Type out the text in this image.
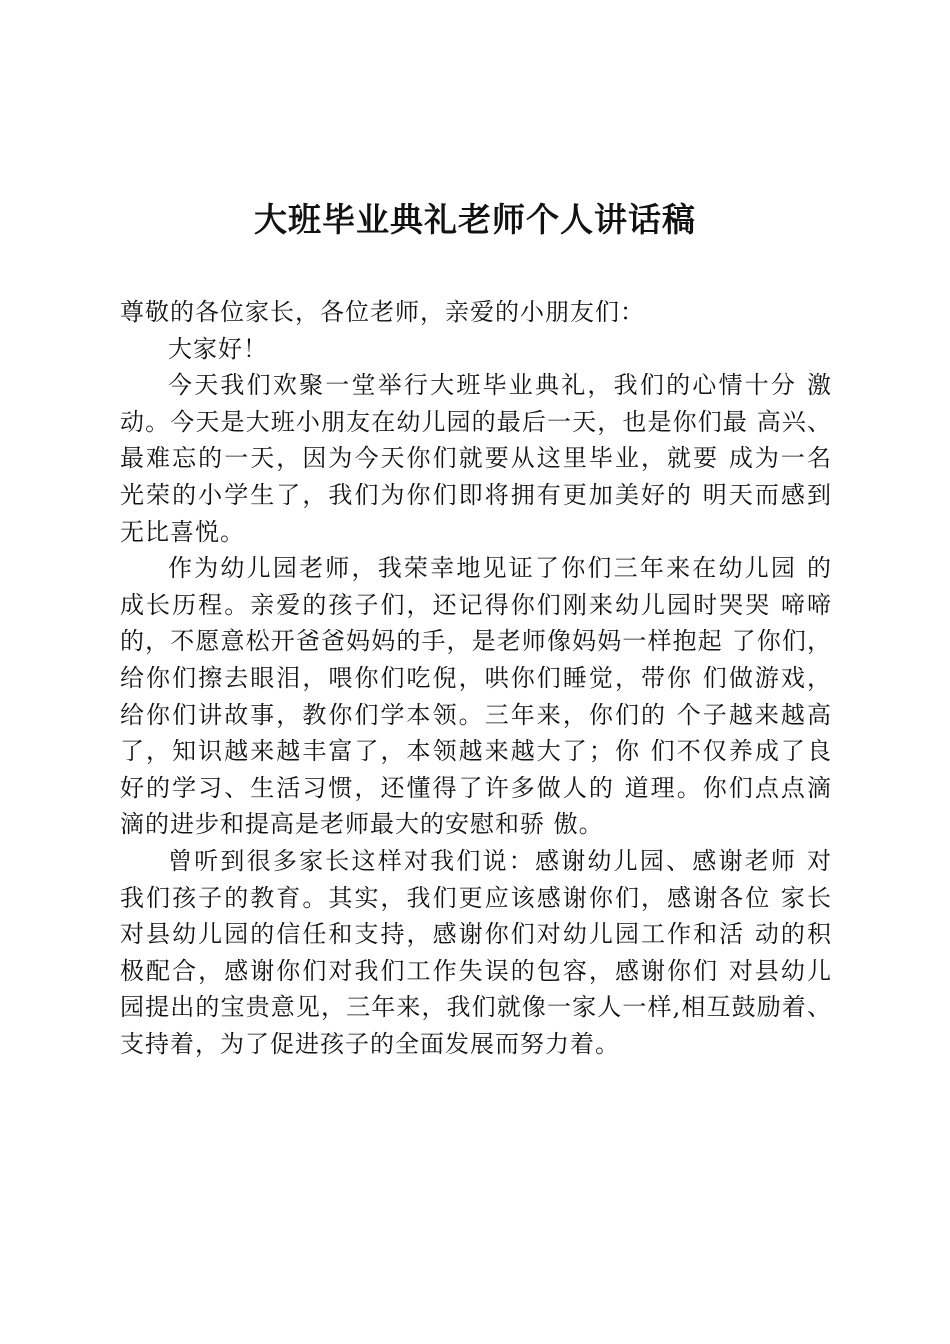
大班毕业典礼老师个人讲话稿
尊敬的各位家长，各位老师，亲爱的小朋友们：
大家好！
今天我们欢聚一堂举行大班毕业典礼，我们的心情十分 激
动。今天是大班小朋友在幼儿园的最后一天，也是你们最 高兴、
最难忘的一天，因为今天你们就要从这里毕业，就要 成为一名
光荣的小学生了，我们为你们即将拥有更加美好的 明天而感到
无比喜悦。
作为幼儿园老师，我荣幸地见证了你们三年来在幼儿园 的
成长历程。亲爱的孩子们，还记得你们刚来幼儿园时哭哭 啼啼
的，不愿意松开爸爸妈妈的手，是老师像妈妈一样抱起 了你们，
给你们擦去眼泪，喂你们吃倪，哄你们睡觉，带你 们做游戏，
给你们讲故事，教你们学本领。三年来，你们的 个子越来越高
了，知识越来越丰富了，本领越来越大了；你 们不仅养成了良
好的学习、生活习惯，还懂得了许多做人的 道理。你们点点滴
滴的进步和提高是老师最大的安慰和骄 傲。
曾听到很多家长这样对我们说：感谢幼儿园、感谢老师 对
我们孩子的教育。其实，我们更应该感谢你们，感谢各位 家长
对县幼儿园的信任和支持，感谢你们对幼儿园工作和活 动的积
极配合，感谢你们对我们工作失误的包容，感谢你们 对县幼儿
园提出的宝贵意见，三年来，我们就像一家人一样,相互鼓励着、
支持着，为了促进孩子的全面发展而努力着。
